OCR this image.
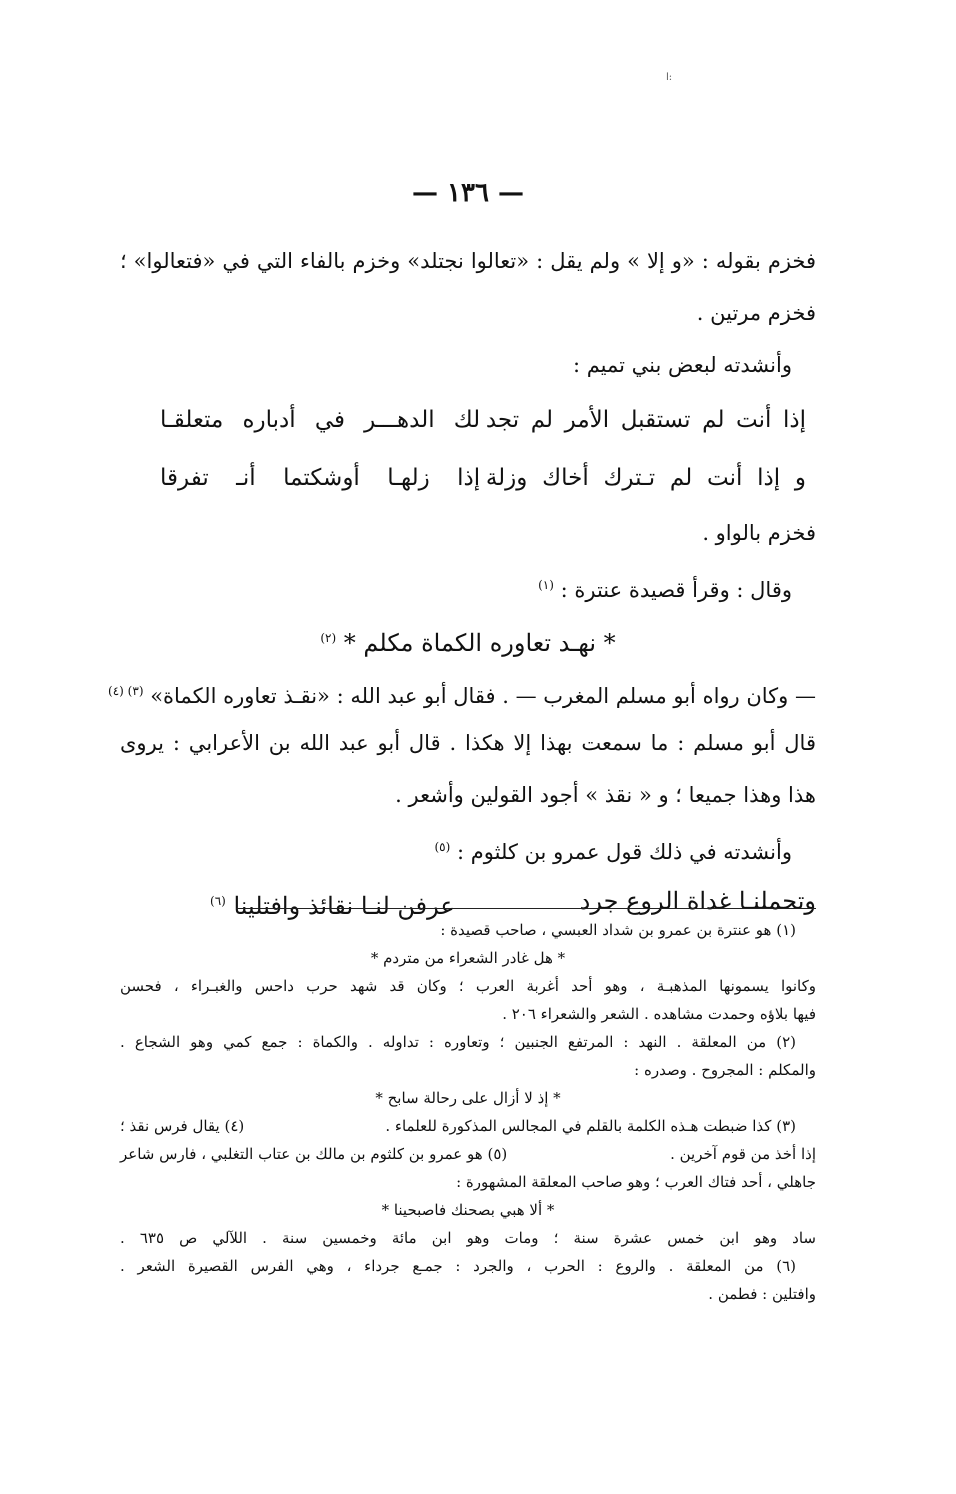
ا:
— ١٣٦ —

فخزم بقوله : «و إلا » ولم يقل : «تعالوا نجتلد» وخزم بالفاء التي في «فتعالوا» ؛

فخزم مرتين .

وأنشدته لبعض بني تميم :

إذا أنت لم تستقبل الأمر لم تجد
لك الدهـــر في أدباره متعلقـا
و إذا أنت لم تـترك أخاك وزلة
إذا زلهـا أوشكتما أنـ تفرقا

فخزم بالواو .

وقال : وقرأ قصيدة عنترة : $^{(١)}$

* نهـد تعاوره الكماة مكلم * $^{(٢)}$

— وكان رواه أبو مسلم المغرب — . فقال أبو عبد الله : «نقـذ تعاوره الكماة» $^{(٣) (٤)}$

قال أبو مسلم : ما سمعت بهذا إلا هكذا . قال أبو عبد الله بن الأعرابي : يروى

هذا وهذا جميعا ؛ و « نقذ » أجود القولين وأشعر .

وأنشدته في ذلك قول عمرو بن كلثوم : $^{(٥)}$

وتحملنـا غداة الروع جرد
عرفن لنـا نقائذ وافتلينا $^{(٦)}$
(١) هو عنترة بن عمرو بن شداد العبسي ، صاحب قصيدة :
* هل غادر الشعراء من متردم *
وكانوا يسمونها المذهبـة ، وهو أحد أغربة العرب ؛ وكان قد شهد حرب داحس والغبـراء ، فحسن
فيها بلاؤه وحمدت مشاهده . الشعر والشعراء ٢٠٦ .
(٢) من المعلقة . النهد : المرتفع الجنبين ؛ وتعاوره : تداوله . والكماة : جمع كمي وهو الشجاع .
والمكلم : المجروح . وصدره :
* إذ لا أزال على رحالة سابح *
(٣) كذا ضبطت هـذه الكلمة بالقلم في المجالس المذكورة للعلماء .
(٤) يقال فرس نقذ ؛
إذا أخذ من قوم آخرين .
(٥) هو عمرو بن كلثوم بن مالك بن عتاب التغلبي ، فارس شاعر
جاهلي ، أحد فتاك العرب ؛ وهو صاحب المعلقة المشهورة :
* ألا هبي بصحنك فاصبحينا *
ساد وهو ابن خمس عشرة سنة ؛ ومات وهو ابن مائة وخمسين سنة . اللآلي ص ٦٣٥ .
(٦) من المعلقة . والروع : الحرب ، والجرد : جمـع جرداء ، وهي الفرس القصيرة الشعر .
وافتلين : فطمن .
